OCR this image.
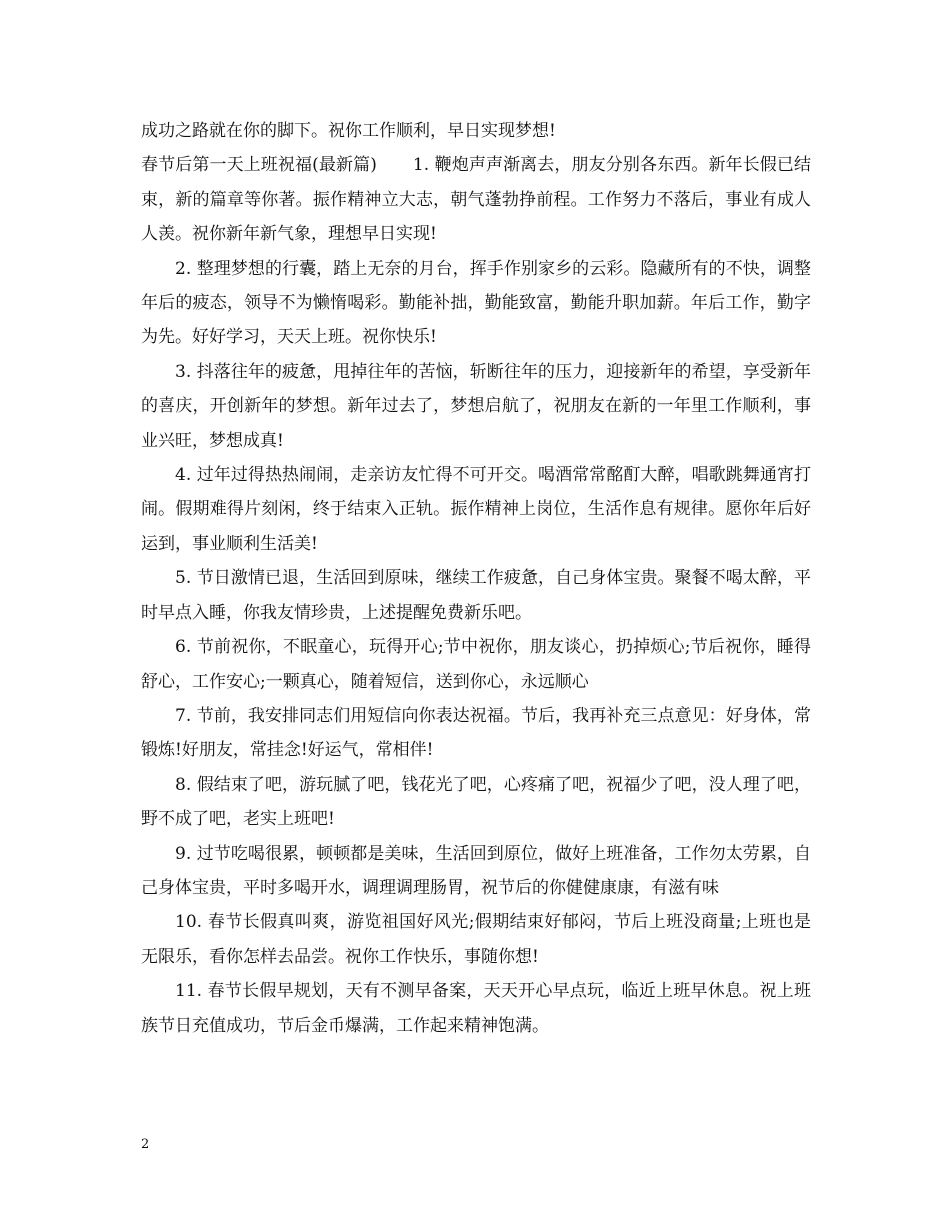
成功之路就在你的脚下。祝你工作顺利，早日实现梦想!

春节后第一天上班祝福(最新篇) 1. 鞭炮声声渐离去，朋友分别各东西。新年长假已结束，新的篇章等你著。振作精神立大志，朝气蓬勃挣前程。工作努力不落后，事业有成人人羡。祝你新年新气象，理想早日实现!

2. 整理梦想的行囊，踏上无奈的月台，挥手作别家乡的云彩。隐藏所有的不快，调整年后的疲态，领导不为懒惰喝彩。勤能补拙，勤能致富，勤能升职加薪。年后工作，勤字为先。好好学习，天天上班。祝你快乐!

3. 抖落往年的疲惫，甩掉往年的苦恼，斩断往年的压力，迎接新年的希望，享受新年的喜庆，开创新年的梦想。新年过去了，梦想启航了，祝朋友在新的一年里工作顺利，事业兴旺，梦想成真!

4. 过年过得热热闹闹，走亲访友忙得不可开交。喝酒常常酩酊大醉，唱歌跳舞通宵打闹。假期难得片刻闲，终于结束入正轨。振作精神上岗位，生活作息有规律。愿你年后好运到，事业顺利生活美!

5. 节日激情已退，生活回到原味，继续工作疲惫，自己身体宝贵。聚餐不喝太醉，平时早点入睡，你我友情珍贵，上述提醒免费新乐吧。

6. 节前祝你，不眠童心，玩得开心;节中祝你，朋友谈心，扔掉烦心;节后祝你，睡得舒心，工作安心;一颗真心，随着短信，送到你心，永远顺心

7. 节前，我安排同志们用短信向你表达祝福。节后，我再补充三点意见：好身体，常锻炼!好朋友，常挂念!好运气，常相伴!

8. 假结束了吧，游玩腻了吧，钱花光了吧，心疼痛了吧，祝福少了吧，没人理了吧，野不成了吧，老实上班吧!

9. 过节吃喝很累，顿顿都是美味，生活回到原位，做好上班准备，工作勿太劳累，自己身体宝贵，平时多喝开水，调理调理肠胃，祝节后的你健健康康，有滋有味

10. 春节长假真叫爽，游览祖国好风光;假期结束好郁闷，节后上班没商量;上班也是无限乐，看你怎样去品尝。祝你工作快乐，事随你想!

11. 春节长假早规划，天有不测早备案，天天开心早点玩，临近上班早休息。祝上班族节日充值成功，节后金币爆满，工作起来精神饱满。

2
